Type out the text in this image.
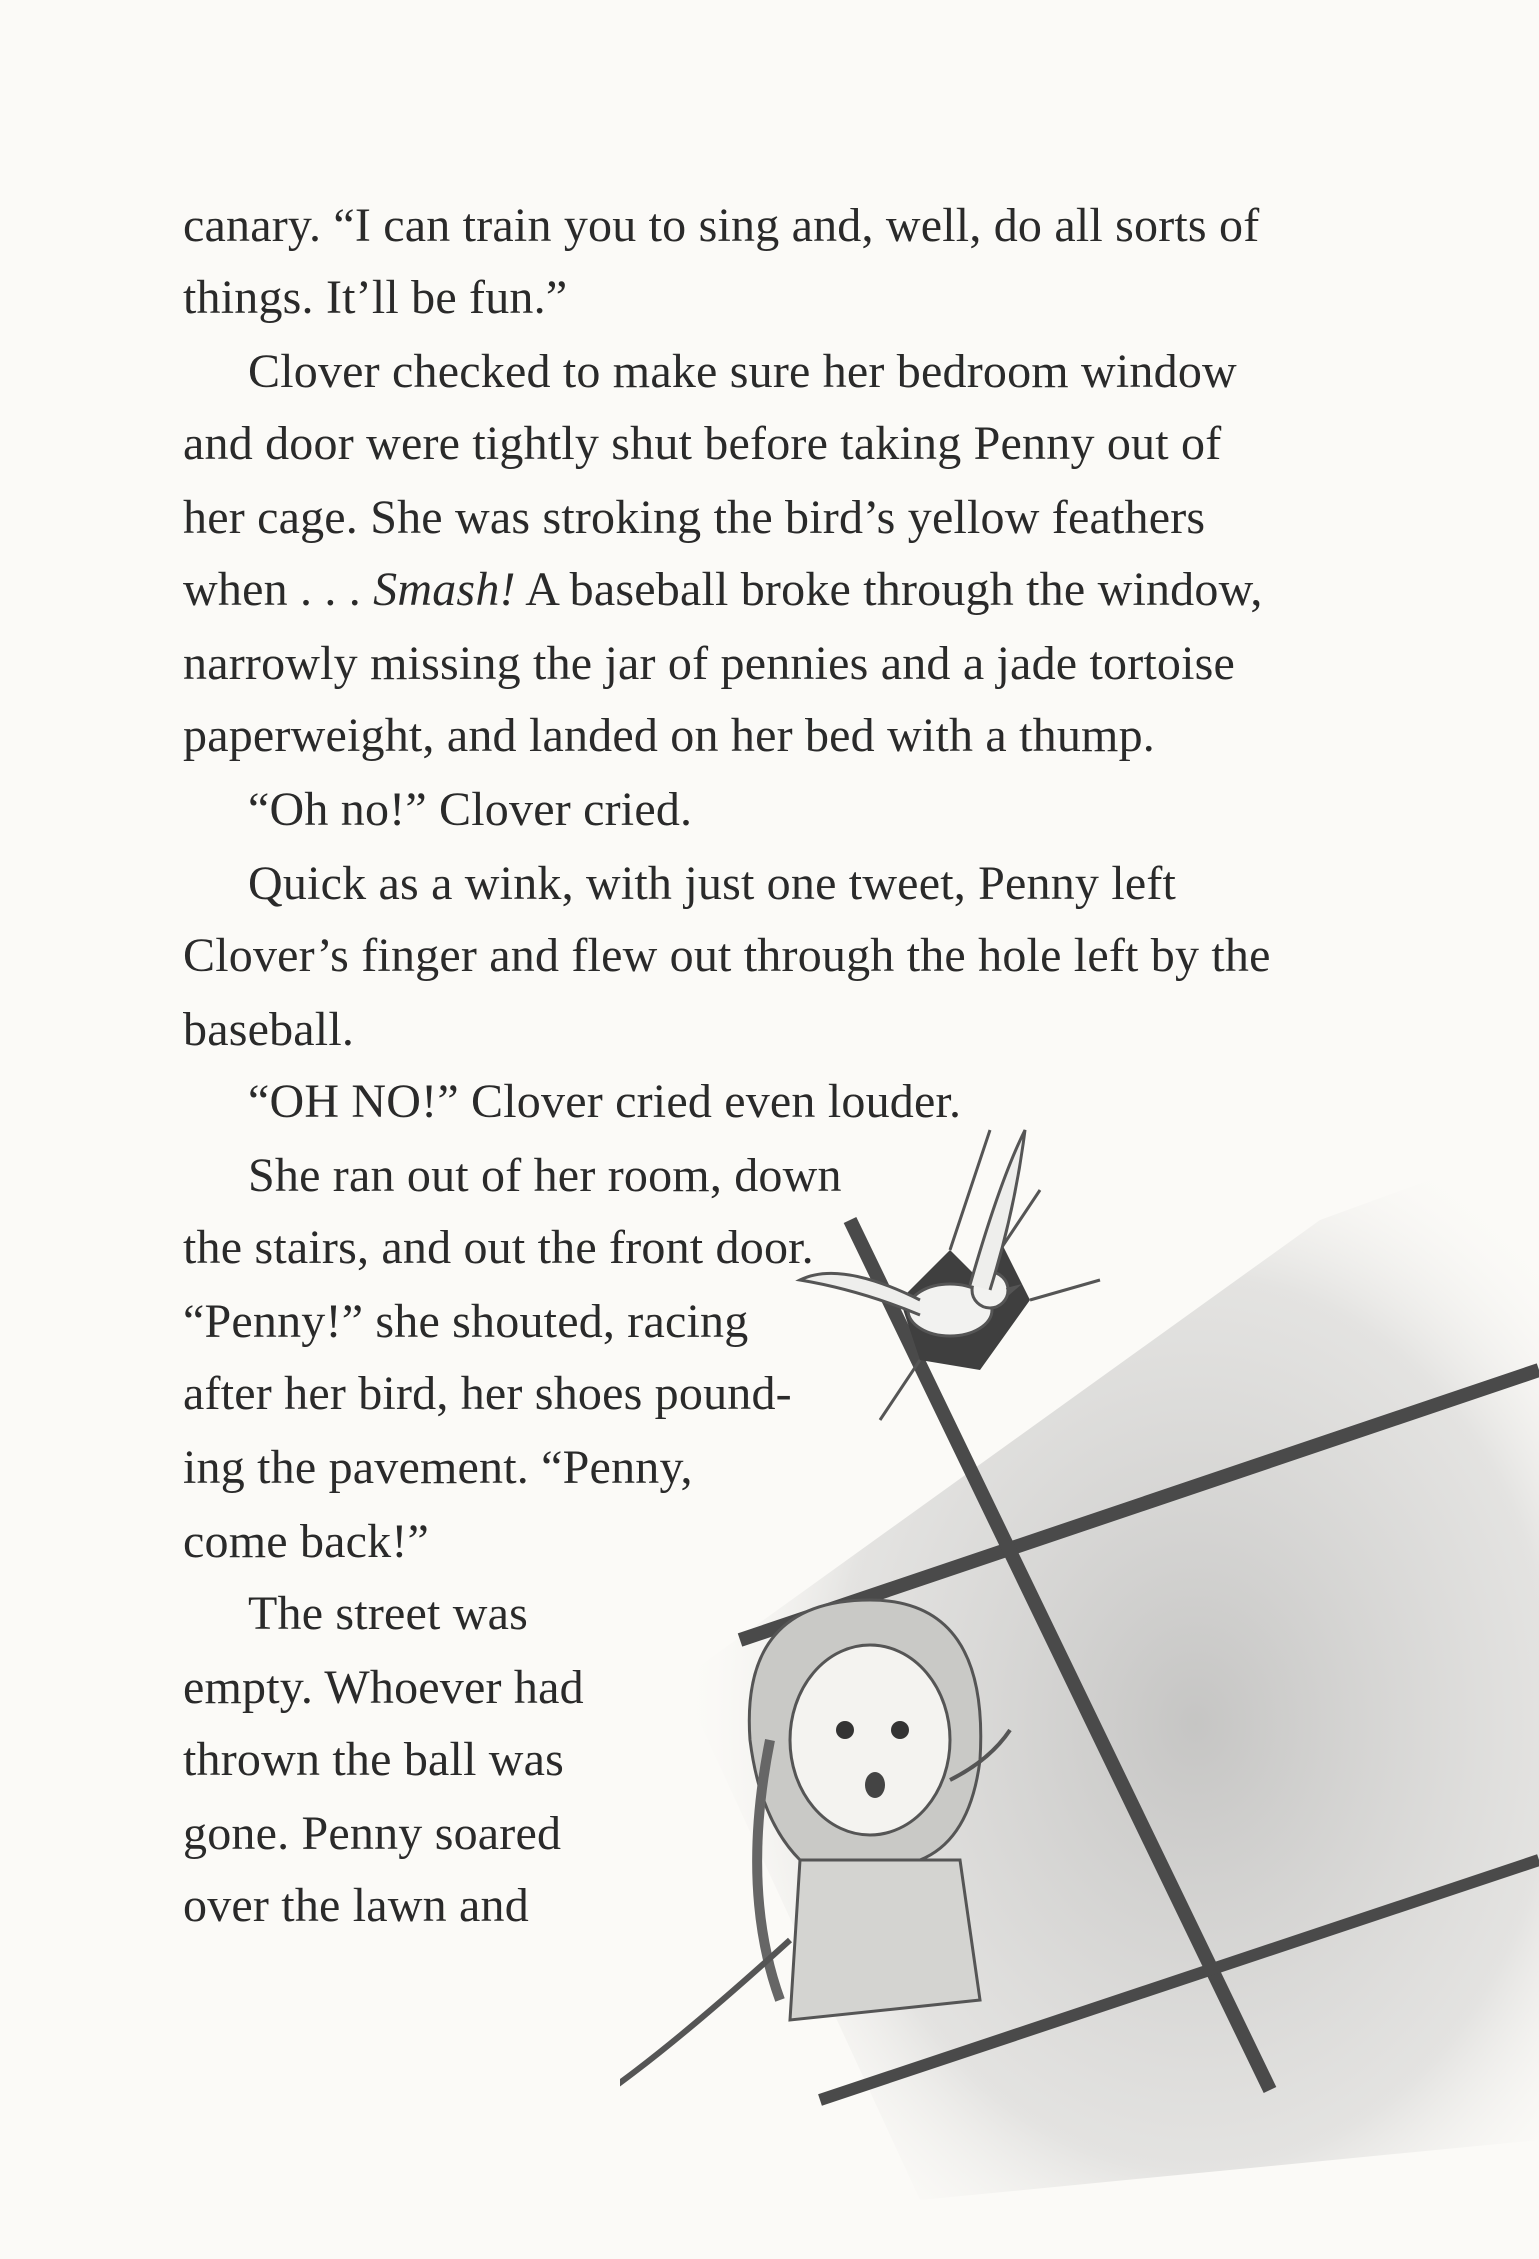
canary. “I can train you to sing and, well, do all sorts of
things. It’ll be fun.”
Clover checked to make sure her bedroom window
and door were tightly shut before taking Penny out of
her cage. She was stroking the bird’s yellow feathers
when . . . Smash! A baseball broke through the window,
narrowly missing the jar of pennies and a jade tortoise
paperweight, and landed on her bed with a thump.
“Oh no!” Clover cried.
Quick as a wink, with just one tweet, Penny left
Clover’s finger and flew out through the hole left by the
baseball.
“OH NO!” Clover cried even louder.
She ran out of her room, down
the stairs, and out the front door.
“Penny!” she shouted, racing
after her bird, her shoes pound-
ing the pavement. “Penny,
come back!”
The street was
empty. Whoever had
thrown the ball was
gone. Penny soared
over the lawn and
